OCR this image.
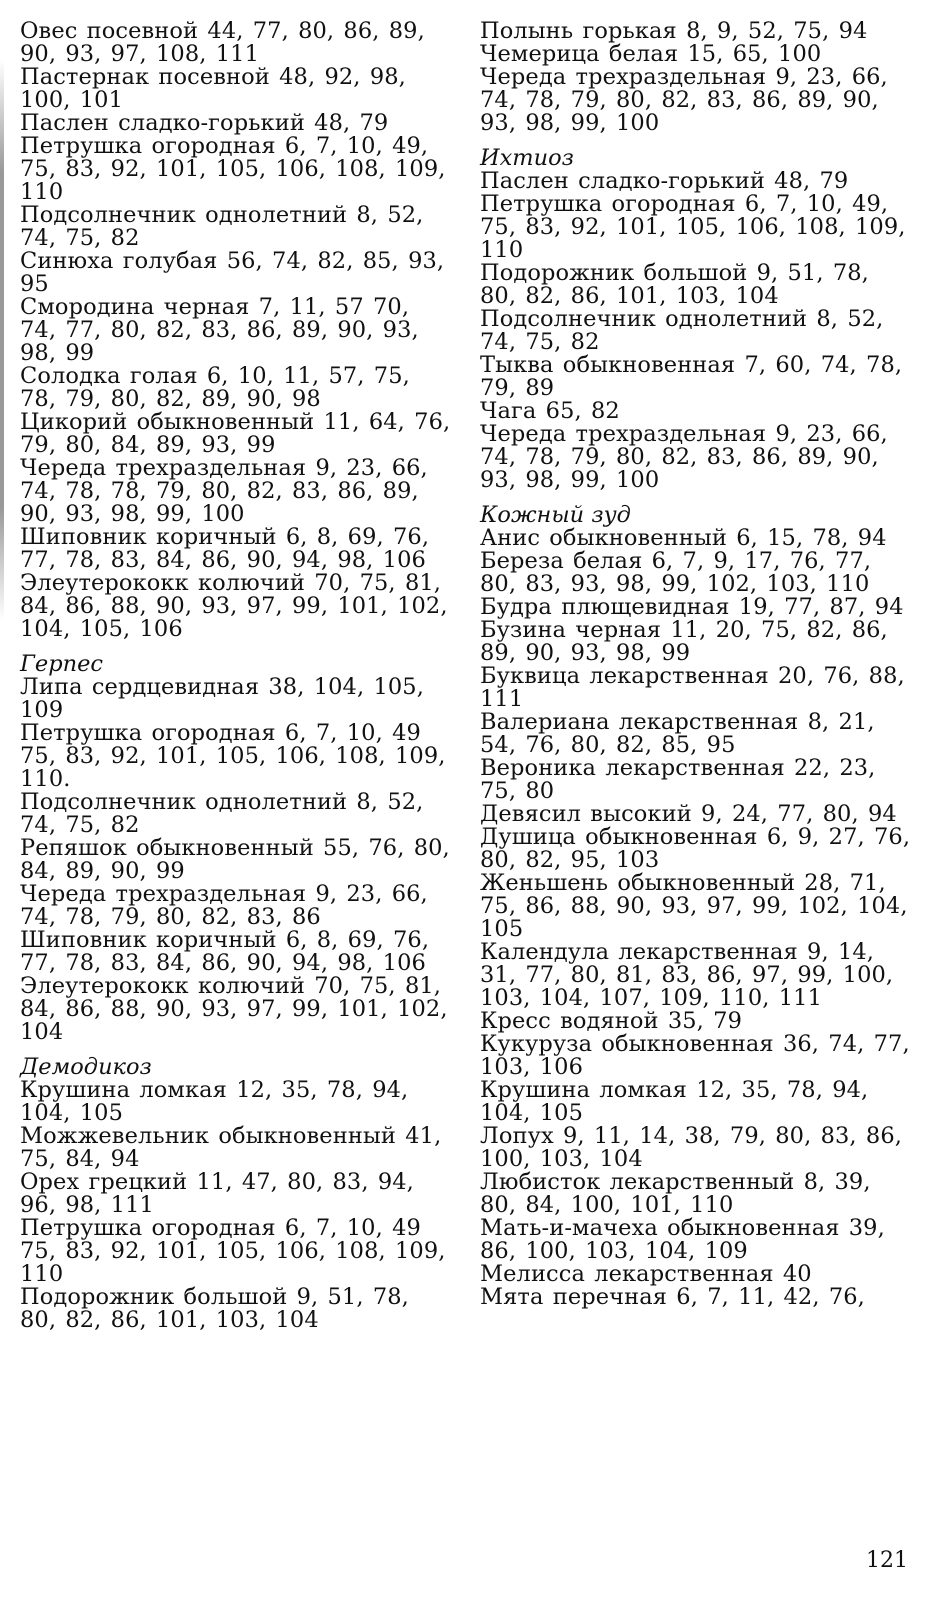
Овес посевной 44, 77, 80, 86, 89, 90, 93, 97, 108, 111
Пастернак посевной 48, 92, 98, 100, 101
Паслен сладко-горький 48, 79
Петрушка огородная 6, 7, 10, 49, 75, 83, 92, 101, 105, 106, 108, 109, 110
Подсолнечник однолетний 8, 52, 74, 75, 82
Синюха голубая 56, 74, 82, 85, 93, 95
Смородина черная 7, 11, 57 70, 74, 77, 80, 82, 83, 86, 89, 90, 93, 98, 99
Солодка голая 6, 10, 11, 57, 75, 78, 79, 80, 82, 89, 90, 98
Цикорий обыкновенный 11, 64, 76, 79, 80, 84, 89, 93, 99
Череда трехраздельная 9, 23, 66, 74, 78, 78, 79, 80, 82, 83, 86, 89, 90, 93, 98, 99, 100
Шиповник коричный 6, 8, 69, 76, 77, 78, 83, 84, 86, 90, 94, 98, 106
Элеутерококк колючий 70, 75, 81, 84, 86, 88, 90, 93, 97, 99, 101, 102, 104, 105, 106
Герпес
Липа сердцевидная 38, 104, 105, 109
Петрушка огородная 6, 7, 10, 49 75, 83, 92, 101, 105, 106, 108, 109, 110.
Подсолнечник однолетний 8, 52, 74, 75, 82
Репяшок обыкновенный 55, 76, 80, 84, 89, 90, 99
Череда трехраздельная 9, 23, 66, 74, 78, 79, 80, 82, 83, 86
Шиповник коричный 6, 8, 69, 76, 77, 78, 83, 84, 86, 90, 94, 98, 106
Элеутерококк колючий 70, 75, 81, 84, 86, 88, 90, 93, 97, 99, 101, 102, 104
Демодикоз
Крушина ломкая 12, 35, 78, 94, 104, 105
Можжевельник обыкновенный 41, 75, 84, 94
Орех грецкий 11, 47, 80, 83, 94, 96, 98, 111
Петрушка огородная 6, 7, 10, 49 75, 83, 92, 101, 105, 106, 108, 109, 110
Подорожник большой 9, 51, 78, 80, 82, 86, 101, 103, 104
Полынь горькая 8, 9, 52, 75, 94
Чемерица белая 15, 65, 100
Череда трехраздельная 9, 23, 66, 74, 78, 79, 80, 82, 83, 86, 89, 90, 93, 98, 99, 100
Ихтиоз
Паслен сладко-горький 48, 79
Петрушка огородная 6, 7, 10, 49, 75, 83, 92, 101, 105, 106, 108, 109, 110
Подорожник большой 9, 51, 78, 80, 82, 86, 101, 103, 104
Подсолнечник однолетний 8, 52, 74, 75, 82
Тыква обыкновенная 7, 60, 74, 78, 79, 89
Чага 65, 82
Череда трехраздельная 9, 23, 66, 74, 78, 79, 80, 82, 83, 86, 89, 90, 93, 98, 99, 100
Кожный зуд
Анис обыкновенный 6, 15, 78, 94
Береза белая 6, 7, 9, 17, 76, 77, 80, 83, 93, 98, 99, 102, 103, 110
Будра плющевидная 19, 77, 87, 94
Бузина черная 11, 20, 75, 82, 86, 89, 90, 93, 98, 99
Буквица лекарственная 20, 76, 88, 111
Валериана лекарственная 8, 21, 54, 76, 80, 82, 85, 95
Вероника лекарственная 22, 23, 75, 80
Девясил высокий 9, 24, 77, 80, 94
Душица обыкновенная 6, 9, 27, 76, 80, 82, 95, 103
Женьшень обыкновенный 28, 71, 75, 86, 88, 90, 93, 97, 99, 102, 104, 105
Календула лекарственная 9, 14, 31, 77, 80, 81, 83, 86, 97, 99, 100, 103, 104, 107, 109, 110, 111
Кресс водяной 35, 79
Кукуруза обыкновенная 36, 74, 77, 103, 106
Крушина ломкая 12, 35, 78, 94, 104, 105
Лопух 9, 11, 14, 38, 79, 80, 83, 86, 100, 103, 104
Любисток лекарственный 8, 39, 80, 84, 100, 101, 110
Мать-и-мачеха обыкновенная 39, 86, 100, 103, 104, 109
Мелисса лекарственная 40
Мята перечная 6, 7, 11, 42, 76,
121
